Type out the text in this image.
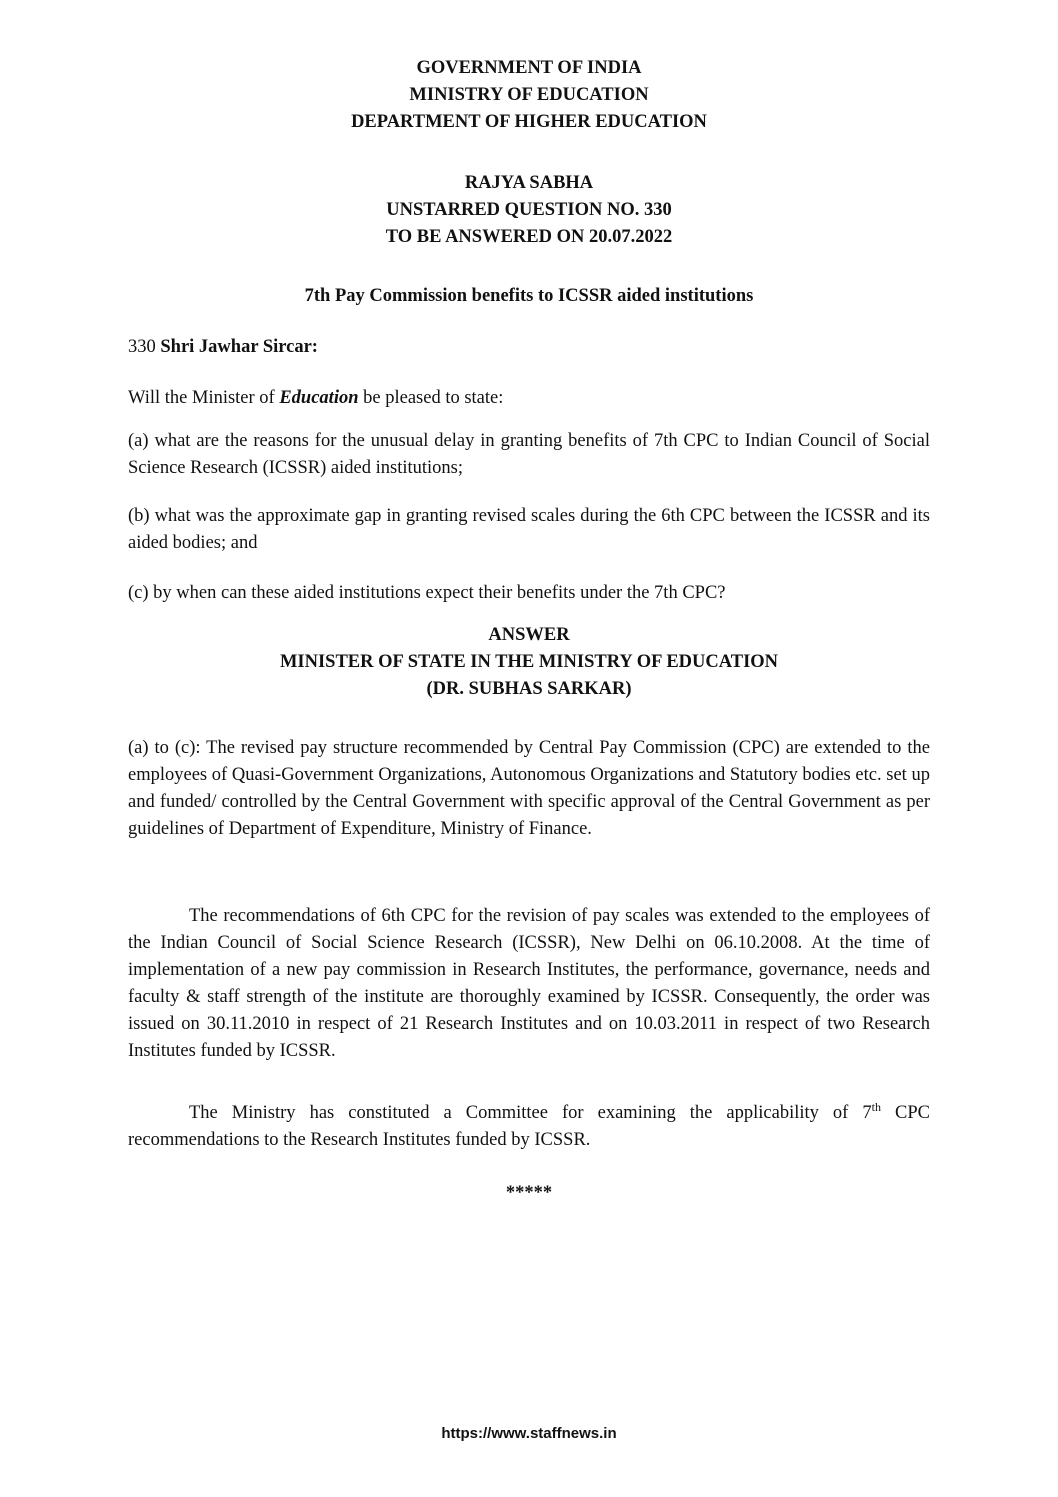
GOVERNMENT OF INDIA

MINISTRY OF EDUCATION

DEPARTMENT OF HIGHER EDUCATION

RAJYA SABHA

UNSTARRED QUESTION NO. 330

TO BE ANSWERED ON 20.07.2022

7th Pay Commission benefits to ICSSR aided institutions

330 Shri Jawhar Sircar:

Will the Minister of Education be pleased to state:

(a) what are the reasons for the unusual delay in granting benefits of 7th CPC to Indian Council of Social Science Research (ICSSR) aided institutions;

(b) what was the approximate gap in granting revised scales during the 6th CPC between the ICSSR and its aided bodies; and

(c) by when can these aided institutions expect their benefits under the 7th CPC?

ANSWER

MINISTER OF STATE IN THE MINISTRY OF EDUCATION

(DR. SUBHAS SARKAR)

(a) to (c): The revised pay structure recommended by Central Pay Commission (CPC) are extended to the employees of Quasi-Government Organizations, Autonomous Organizations and Statutory bodies etc. set up and funded/ controlled by the Central Government with specific approval of the Central Government as per guidelines of Department of Expenditure, Ministry of Finance.

The recommendations of 6th CPC for the revision of pay scales was extended to the employees of the Indian Council of Social Science Research (ICSSR), New Delhi on 06.10.2008. At the time of implementation of a new pay commission in Research Institutes, the performance, governance, needs and faculty & staff strength of the institute are thoroughly examined by ICSSR. Consequently, the order was issued on 30.11.2010 in respect of 21 Research Institutes and on 10.03.2011 in respect of two Research Institutes funded by ICSSR.

The Ministry has constituted a Committee for examining the applicability of 7th CPC recommendations to the Research Institutes funded by ICSSR.

*****

https://www.staffnews.in
